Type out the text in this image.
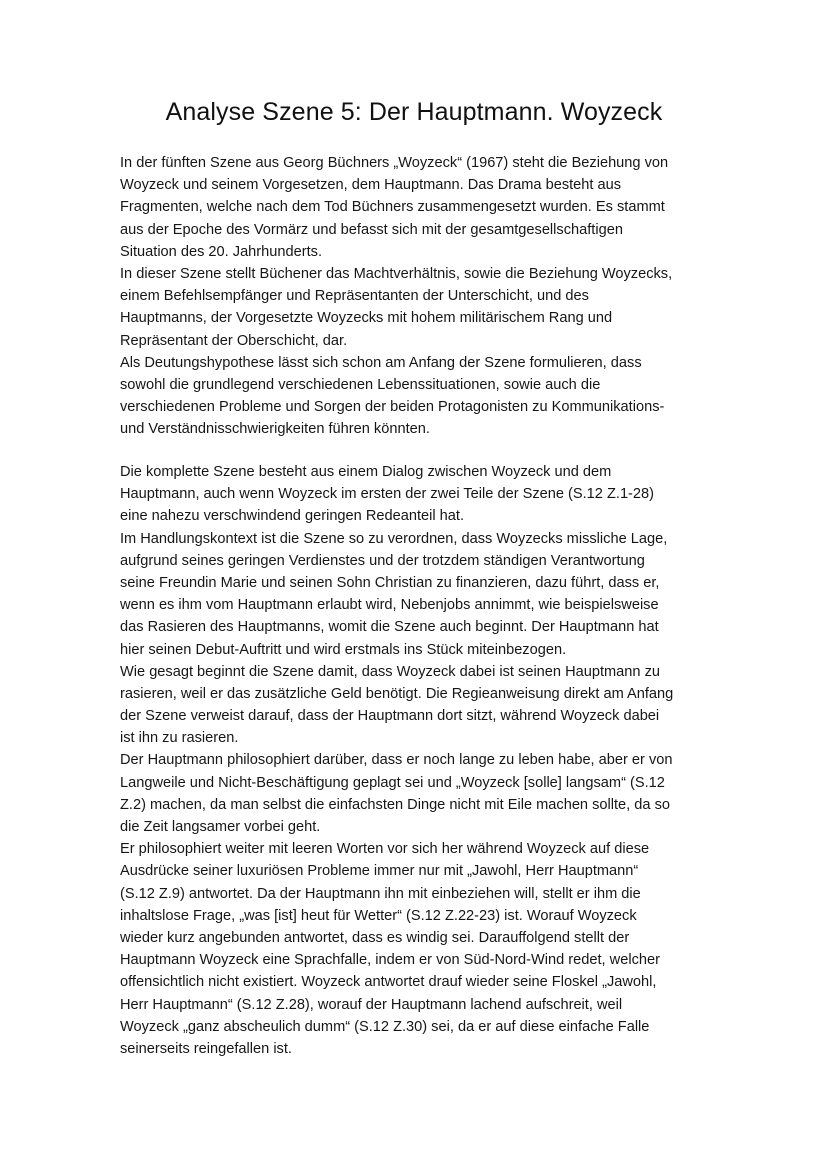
Analyse Szene 5: Der Hauptmann. Woyzeck
In der fünften Szene aus Georg Büchners „Woyzeck“ (1967) steht die Beziehung von
Woyzeck und seinem Vorgesetzen, dem Hauptmann. Das Drama besteht aus
Fragmenten, welche nach dem Tod Büchners zusammengesetzt wurden. Es stammt
aus der Epoche des Vormärz und befasst sich mit der gesamtgesellschaftigen
Situation des 20. Jahrhunderts.
In dieser Szene stellt Büchener das Machtverhältnis, sowie die Beziehung Woyzecks,
einem Befehlsempfänger und Repräsentanten der Unterschicht, und des
Hauptmanns, der Vorgesetzte Woyzecks mit hohem militärischem Rang und
Repräsentant der Oberschicht, dar.
Als Deutungshypothese lässt sich schon am Anfang der Szene formulieren, dass
sowohl die grundlegend verschiedenen Lebenssituationen, sowie auch die
verschiedenen Probleme und Sorgen der beiden Protagonisten zu Kommunikations-
und Verständnisschwierigkeiten führen könnten.
Die komplette Szene besteht aus einem Dialog zwischen Woyzeck und dem
Hauptmann, auch wenn Woyzeck im ersten der zwei Teile der Szene (S.12 Z.1-28)
eine nahezu verschwindend geringen Redeanteil hat.
Im Handlungskontext ist die Szene so zu verordnen, dass Woyzecks missliche Lage,
aufgrund seines geringen Verdienstes und der trotzdem ständigen Verantwortung
seine Freundin Marie und seinen Sohn Christian zu finanzieren, dazu führt, dass er,
wenn es ihm vom Hauptmann erlaubt wird, Nebenjobs annimmt, wie beispielsweise
das Rasieren des Hauptmanns, womit die Szene auch beginnt. Der Hauptmann hat
hier seinen Debut-Auftritt und wird erstmals ins Stück miteinbezogen.
Wie gesagt beginnt die Szene damit, dass Woyzeck dabei ist seinen Hauptmann zu
rasieren, weil er das zusätzliche Geld benötigt. Die Regieanweisung direkt am Anfang
der Szene verweist darauf, dass der Hauptmann dort sitzt, während Woyzeck dabei
ist ihn zu rasieren.
Der Hauptmann philosophiert darüber, dass er noch lange zu leben habe, aber er von
Langweile und Nicht-Beschäftigung geplagt sei und „Woyzeck [solle] langsam“ (S.12
Z.2) machen, da man selbst die einfachsten Dinge nicht mit Eile machen sollte, da so
die Zeit langsamer vorbei geht.
Er philosophiert weiter mit leeren Worten vor sich her während Woyzeck auf diese
Ausdrücke seiner luxuriösen Probleme immer nur mit „Jawohl, Herr Hauptmann“
(S.12 Z.9) antwortet. Da der Hauptmann ihn mit einbeziehen will, stellt er ihm die
inhaltslose Frage, „was [ist] heut für Wetter“ (S.12 Z.22-23) ist. Worauf Woyzeck
wieder kurz angebunden antwortet, dass es windig sei. Darauffolgend stellt der
Hauptmann Woyzeck eine Sprachfalle, indem er von Süd-Nord-Wind redet, welcher
offensichtlich nicht existiert. Woyzeck antwortet drauf wieder seine Floskel „Jawohl,
Herr Hauptmann“ (S.12 Z.28), worauf der Hauptmann lachend aufschreit, weil
Woyzeck „ganz abscheulich dumm“ (S.12 Z.30) sei, da er auf diese einfache Falle
seinerseits reingefallen ist.
